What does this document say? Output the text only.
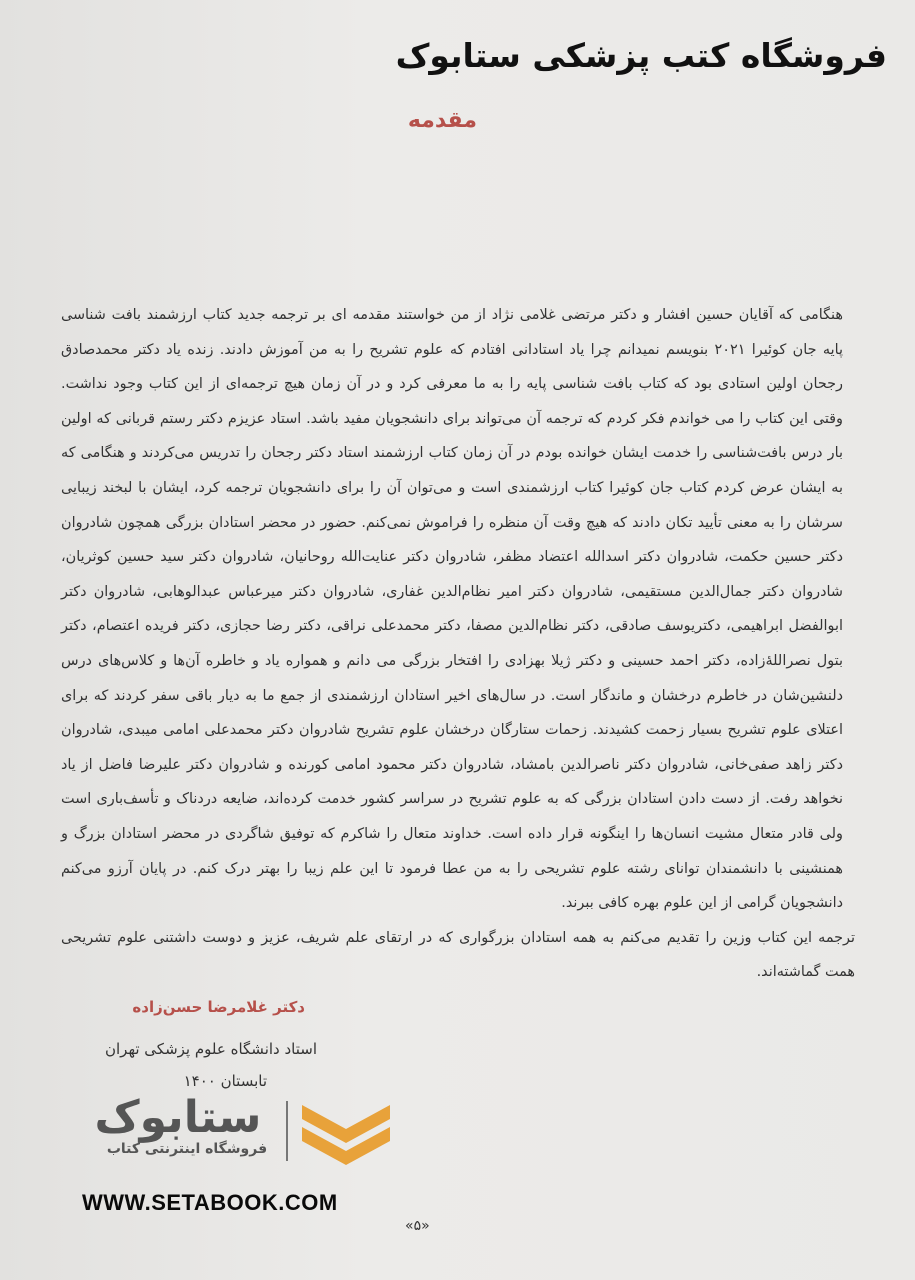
فروشگاه کتب پزشکی ستابوک
مقدمه

هنگامی که آقایان حسین افشار و دکتر مرتضی غلامی نژاد از من خواستند مقدمه ای بر ترجمه جدید کتاب ارزشمند بافت شناسی پایه جان کوئیرا ۲۰۲۱ بنویسم نمیدانم چرا یاد استادانی افتادم که علوم تشریح را به من آموزش دادند. زنده یاد دکتر محمدصادق رجحان اولین استادی بود که کتاب بافت شناسی پایه را به ما معرفی کرد و در آن زمان هیچ ترجمه‌ای از این کتاب وجود نداشت. وقتی این کتاب را می خواندم فکر کردم که ترجمه آن می‌تواند برای دانشجویان مفید باشد. استاد عزیزم دکتر رستم قربانی که اولین بار درس بافت‌شناسی را خدمت ایشان خوانده بودم در آن زمان کتاب ارزشمند استاد دکتر رجحان را تدریس می‌کردند و هنگامی که به ایشان عرض کردم کتاب جان کوئیرا کتاب ارزشمندی است و می‌توان آن را برای دانشجویان ترجمه کرد، ایشان با لبخند زیبایی سرشان را به معنی تأیید تکان دادند که هیچ وقت آن منظره را فراموش نمی‌کنم. حضور در محضر استادان بزرگی همچون شادروان دکتر حسین حکمت، شادروان دکتر اسدالله اعتضاد مظفر، شادروان دکتر عنایت‌الله روحانیان، شادروان دکتر سید حسین کوثریان، شادروان دکتر جمال‌الدین مستقیمی، شادروان دکتر امیر نظام‌الدین غفاری، شادروان دکتر میرعباس عبدالوهابی، شادروان دکتر ابوالفضل ابراهیمی، دکتریوسف صادقی، دکتر نظام‌الدین مصفا، دکتر محمدعلی نراقی، دکتر رضا حجازی، دکتر فریده اعتصام، دکتر بتول نصراللهٔ‌زاده، دکتر احمد حسینی و دکتر ژیلا بهزادی را افتخار بزرگی می دانم و همواره یاد و خاطره آن‌ها و کلاس‌های درس دلنشین‌شان در خاطرم درخشان و ماندگار است. در سال‌های اخیر استادان ارزشمندی از جمع ما به دیار باقی سفر کردند که برای اعتلای علوم تشریح بسیار زحمت کشیدند. زحمات ستارگان درخشان علوم تشریح شادروان دکتر محمدعلی امامی میبدی، شادروان دکتر زاهد صفی‌خانی، شادروان دکتر ناصرالدین بامشاد، شادروان دکتر محمود امامی کورنده و شادروان دکتر علیرضا فاضل از یاد نخواهد رفت. از دست دادن استادان بزرگی که به علوم تشریح در سراسر کشور خدمت کرده‌اند، ضایعه دردناک و تأسف‌باری است ولی قادر متعال مشیت انسان‌ها را اینگونه قرار داده است. خداوند متعال را شاکرم که توفیق شاگردی در محضر استادان بزرگ و همنشینی با دانشمندان توانای رشته علوم تشریحی را به من عطا فرمود تا این علم زیبا را بهتر درک کنم. در پایان آرزو می‌کنم دانشجویان گرامی از این علوم بهره کافی ببرند.

ترجمه این کتاب وزین را تقدیم می‌کنم به همه استادان بزرگواری که در ارتقای علم شریف، عزیز و دوست داشتنی علوم تشریحی همت گماشته‌اند.

دکتر غلامرضا حسن‌زاده
استاد دانشگاه علوم پزشکی تهران
تابستان ۱۴۰۰
ستابوک
فروشگاه اینترنتی کتاب
WWW.SETABOOK.COM
«۵»
